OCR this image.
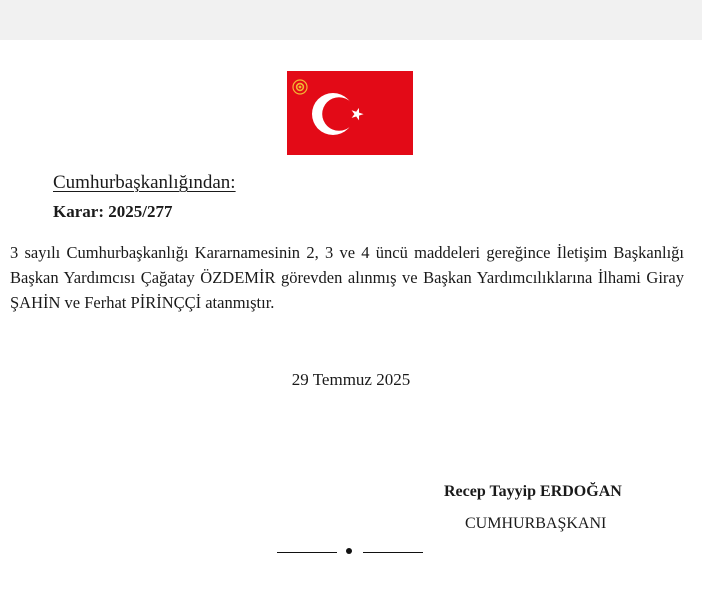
Cumhurbaşkanlığından:
Karar: 2025/277
3 sayılı Cumhurbaşkanlığı Kararnamesinin 2, 3 ve 4 üncü maddeleri gereğince İletişim Başkanlığı Başkan Yardımcısı Çağatay ÖZDEMİR görevden alınmış ve Başkan Yardımcılıklarına İlhami Giray ŞAHİN ve Ferhat PİRİNÇÇİ atanmıştır.
29 Temmuz 2025
Recep Tayyip ERDOĞAN
CUMHURBAŞKANI
